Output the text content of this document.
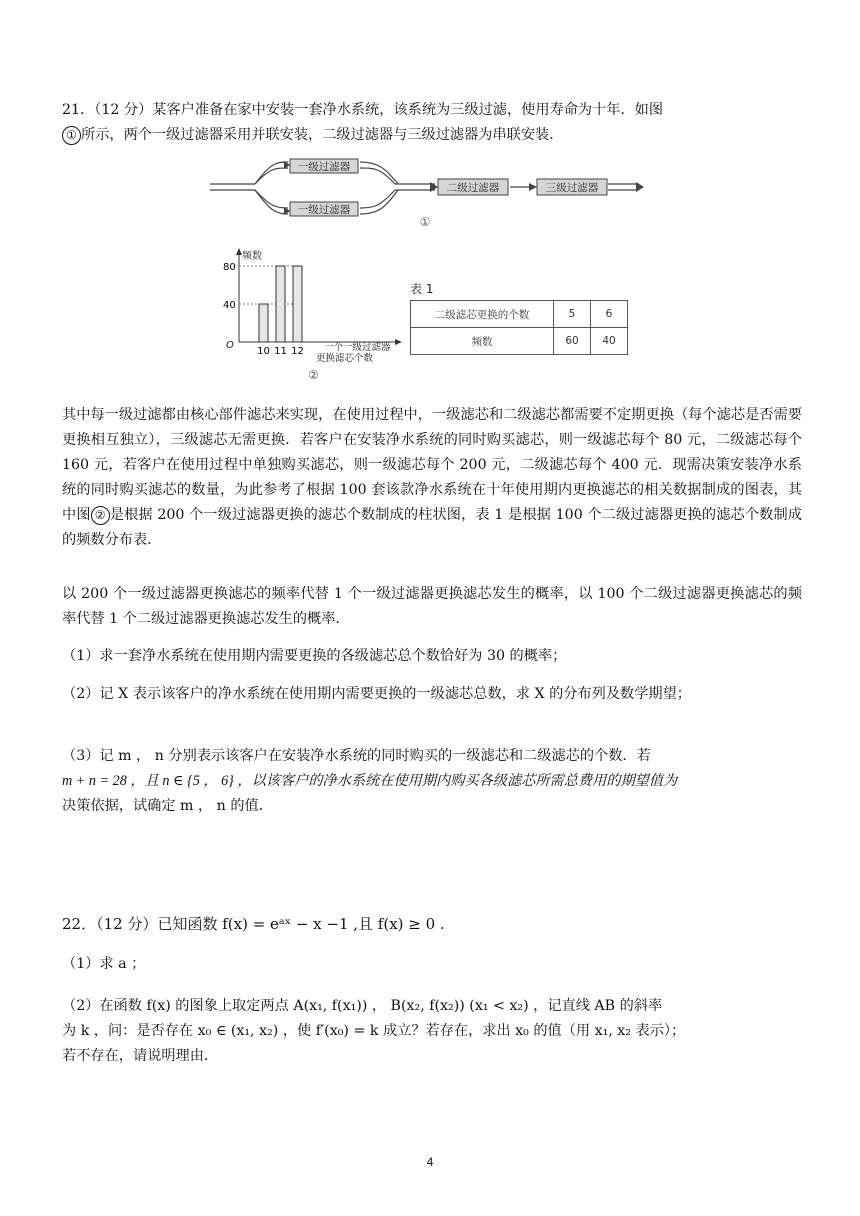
21．（12 分）某客户准备在家中安装一套净水系统，该系统为三级过滤，使用寿命为十年．如图
① 所示，两个一级过滤器采用并联安装，二级过滤器与三级过滤器为串联安装．

一级过滤器
一级过滤器
二级过滤器	三级过滤器
①
频数
O	一个一级过滤器
更换滤芯个数
②
40
80
10 11 12
表 1
二级滤芯更换的个数	5	6
频数	60	40

其中每一级过滤都由核心部件滤芯来实现，在使用过程中，一级滤芯和二级滤芯都需要不定期更换（每个滤芯是否需要更换相互独立），三级滤芯无需更换．若客户在安装净水系统的同时购买滤芯，则一级滤芯每个 80 元，二级滤芯每个 160 元，若客户在使用过程中单独购买滤芯，则一级滤芯每个 200 元，二级滤芯每个 400 元．现需决策安装净水系统的同时购买滤芯的数量，为此参考了根据 100 套该款净水系统在十年使用期内更换滤芯的相关数据制成的图表，其中图 ② 是根据 200 个一级过滤器更换的滤芯个数制成的柱状图，表 1 是根据 100 个二级过滤器更换的滤芯个数制成的频数分布表．

以 200 个一级过滤器更换滤芯的频率代替 1 个一级过滤器更换滤芯发生的概率，以 100 个二级过滤器更换滤芯的频率代替 1 个二级过滤器更换滤芯发生的概率．

（1）求一套净水系统在使用期内需要更换的各级滤芯总个数恰好为 30 的概率；

（2）记 X 表示该客户的净水系统在使用期内需要更换的一级滤芯总数，求 X 的分布列及数学期望；

（3）记 m ， n 分别表示该客户在安装净水系统的同时购买的一级滤芯和二级滤芯的个数．若
m + n = 28 ，且 n ∈ {5 ， 6} ，以该客户的净水系统在使用期内购买各级滤芯所需总费用的期望值为
决策依据，试确定 m ， n 的值．

22．（12 分）已知函数 f(x) = eᵃˣ − x −1 ,且 f(x) ≥ 0 .

（1）求 a ；

（2）在函数 f(x) 的图象上取定两点 A(x₁, f(x₁)) ， B(x₂, f(x₂)) (x₁ < x₂) ，记直线 AB 的斜率
为 k ，问：是否存在 x₀ ∈ (x₁, x₂) ，使 f′(x₀) = k 成立？若存在，求出 x₀ 的值（用 x₁, x₂ 表示）；
若不存在，请说明理由．

4
